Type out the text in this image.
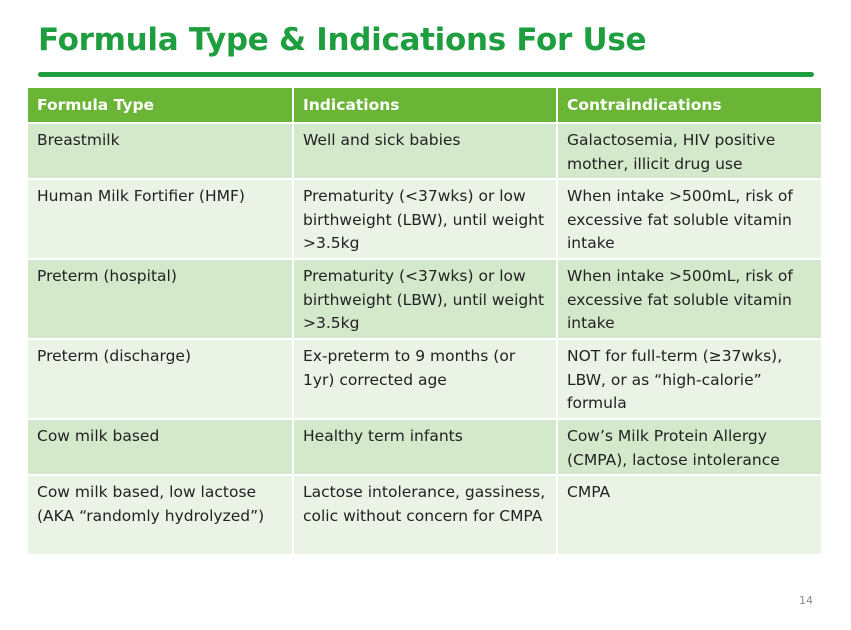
Formula Type & Indications For Use
Formula Type	Indications	Contraindications
Breastmilk	Well and sick babies	Galactosemia, HIV positive mother, illicit drug use
Human Milk Fortifier (HMF)	Prematurity (<37wks) or low birthweight (LBW), until weight >3.5kg	When intake >500mL, risk of excessive fat soluble vitamin intake
Preterm (hospital)	Prematurity (<37wks) or low birthweight (LBW), until weight >3.5kg	When intake >500mL, risk of excessive fat soluble vitamin intake
Preterm (discharge)	Ex-preterm to 9 months (or 1yr) corrected age	NOT for full-term (≥37wks), LBW, or as “high-calorie” formula
Cow milk based	Healthy term infants	Cow’s Milk Protein Allergy (CMPA), lactose intolerance
Cow milk based, low lactose (AKA “randomly hydrolyzed”)	Lactose intolerance, gassiness, colic without concern for CMPA	CMPA
14
